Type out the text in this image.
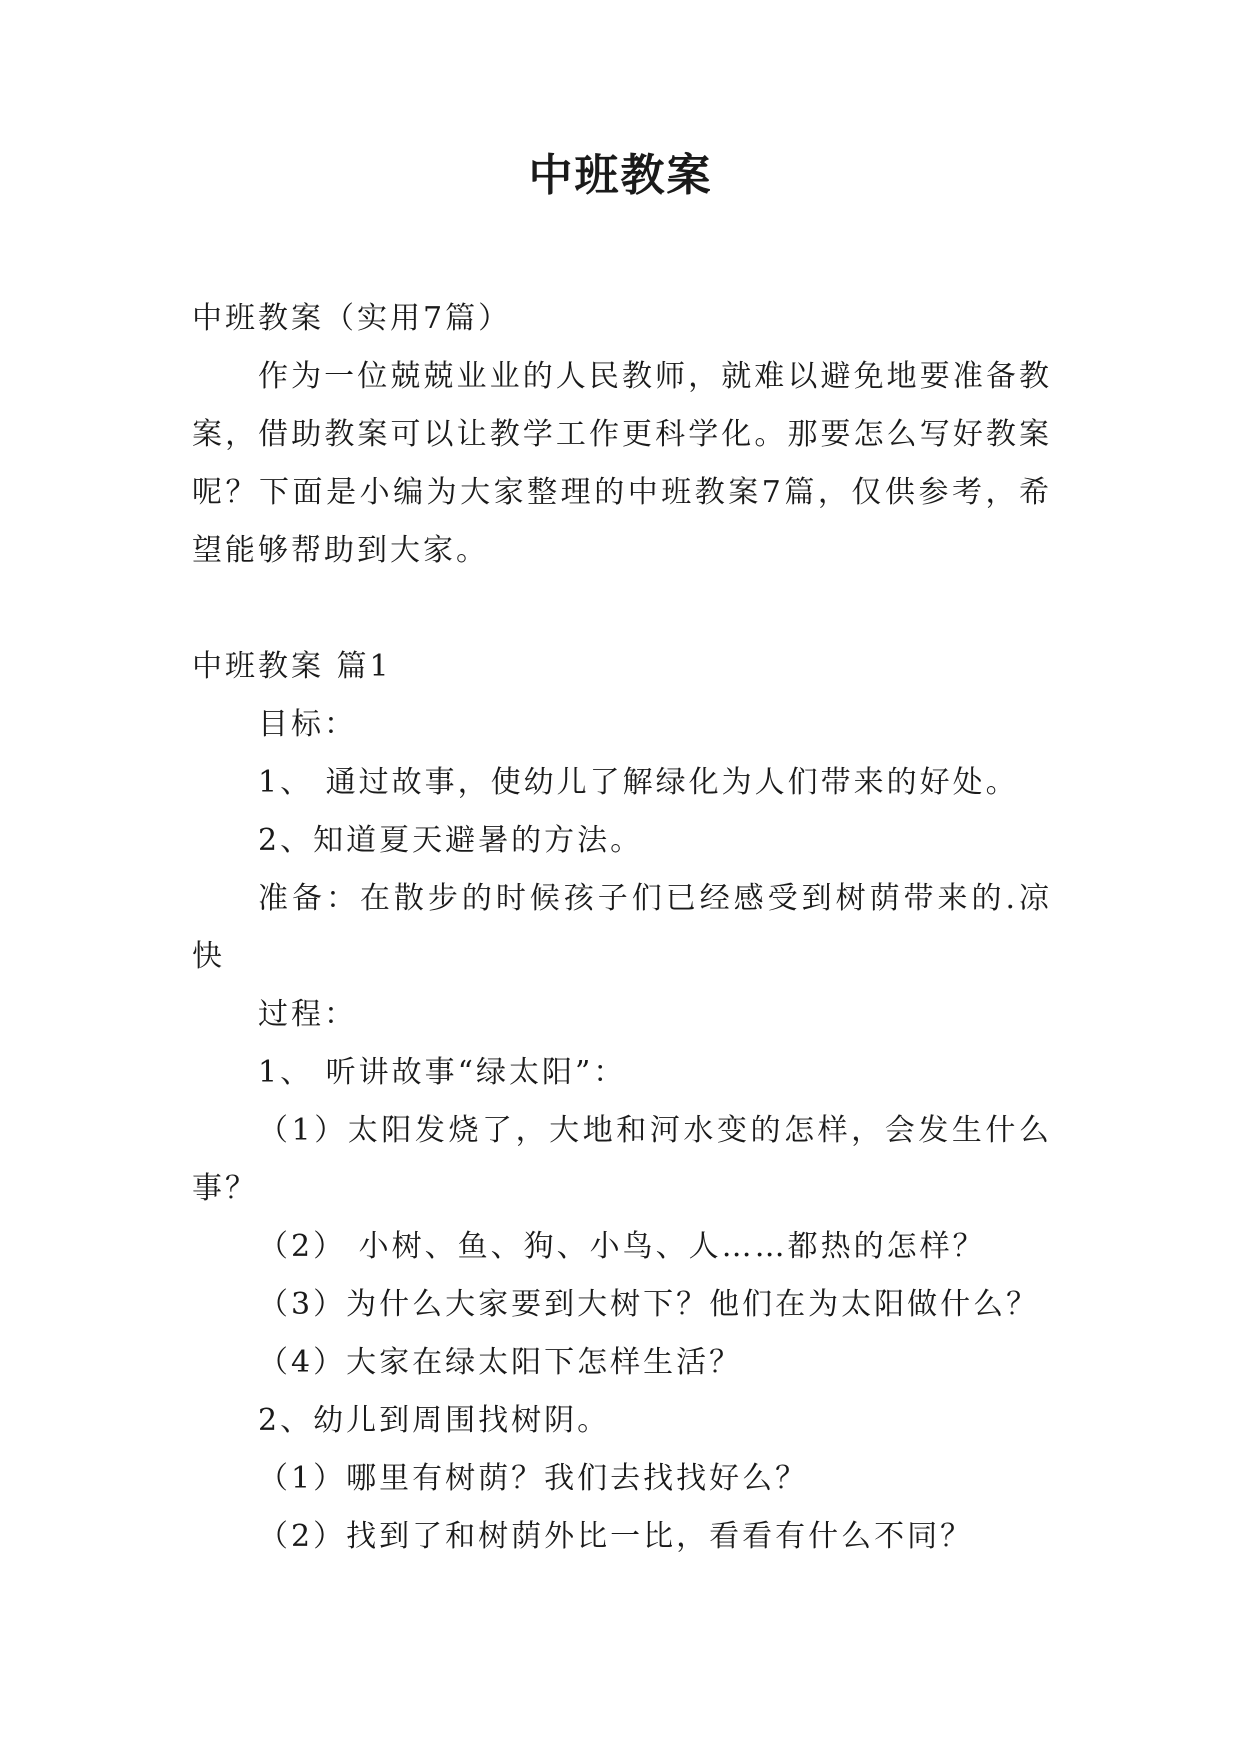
中班教案

中班教案（实用7篇）

作为一位兢兢业业的人民教师，就难以避免地要准备教案，借助教案可以让教学工作更科学化。那要怎么写好教案呢？下面是小编为大家整理的中班教案7篇，仅供参考，希望能够帮助到大家。

中班教案 篇1

目标：

1、 通过故事，使幼儿了解绿化为人们带来的好处。

2、知道夏天避暑的方法。

准备：在散步的时候孩子们已经感受到树荫带来的.凉快

过程：

1、 听讲故事“绿太阳”：

（1）太阳发烧了，大地和河水变的怎样，会发生什么事？

（2） 小树、鱼、狗、小鸟、人……都热的怎样？

（3）为什么大家要到大树下？他们在为太阳做什么？

（4）大家在绿太阳下怎样生活？

2、幼儿到周围找树阴。

（1）哪里有树荫？我们去找找好么？

（2）找到了和树荫外比一比，看看有什么不同？
